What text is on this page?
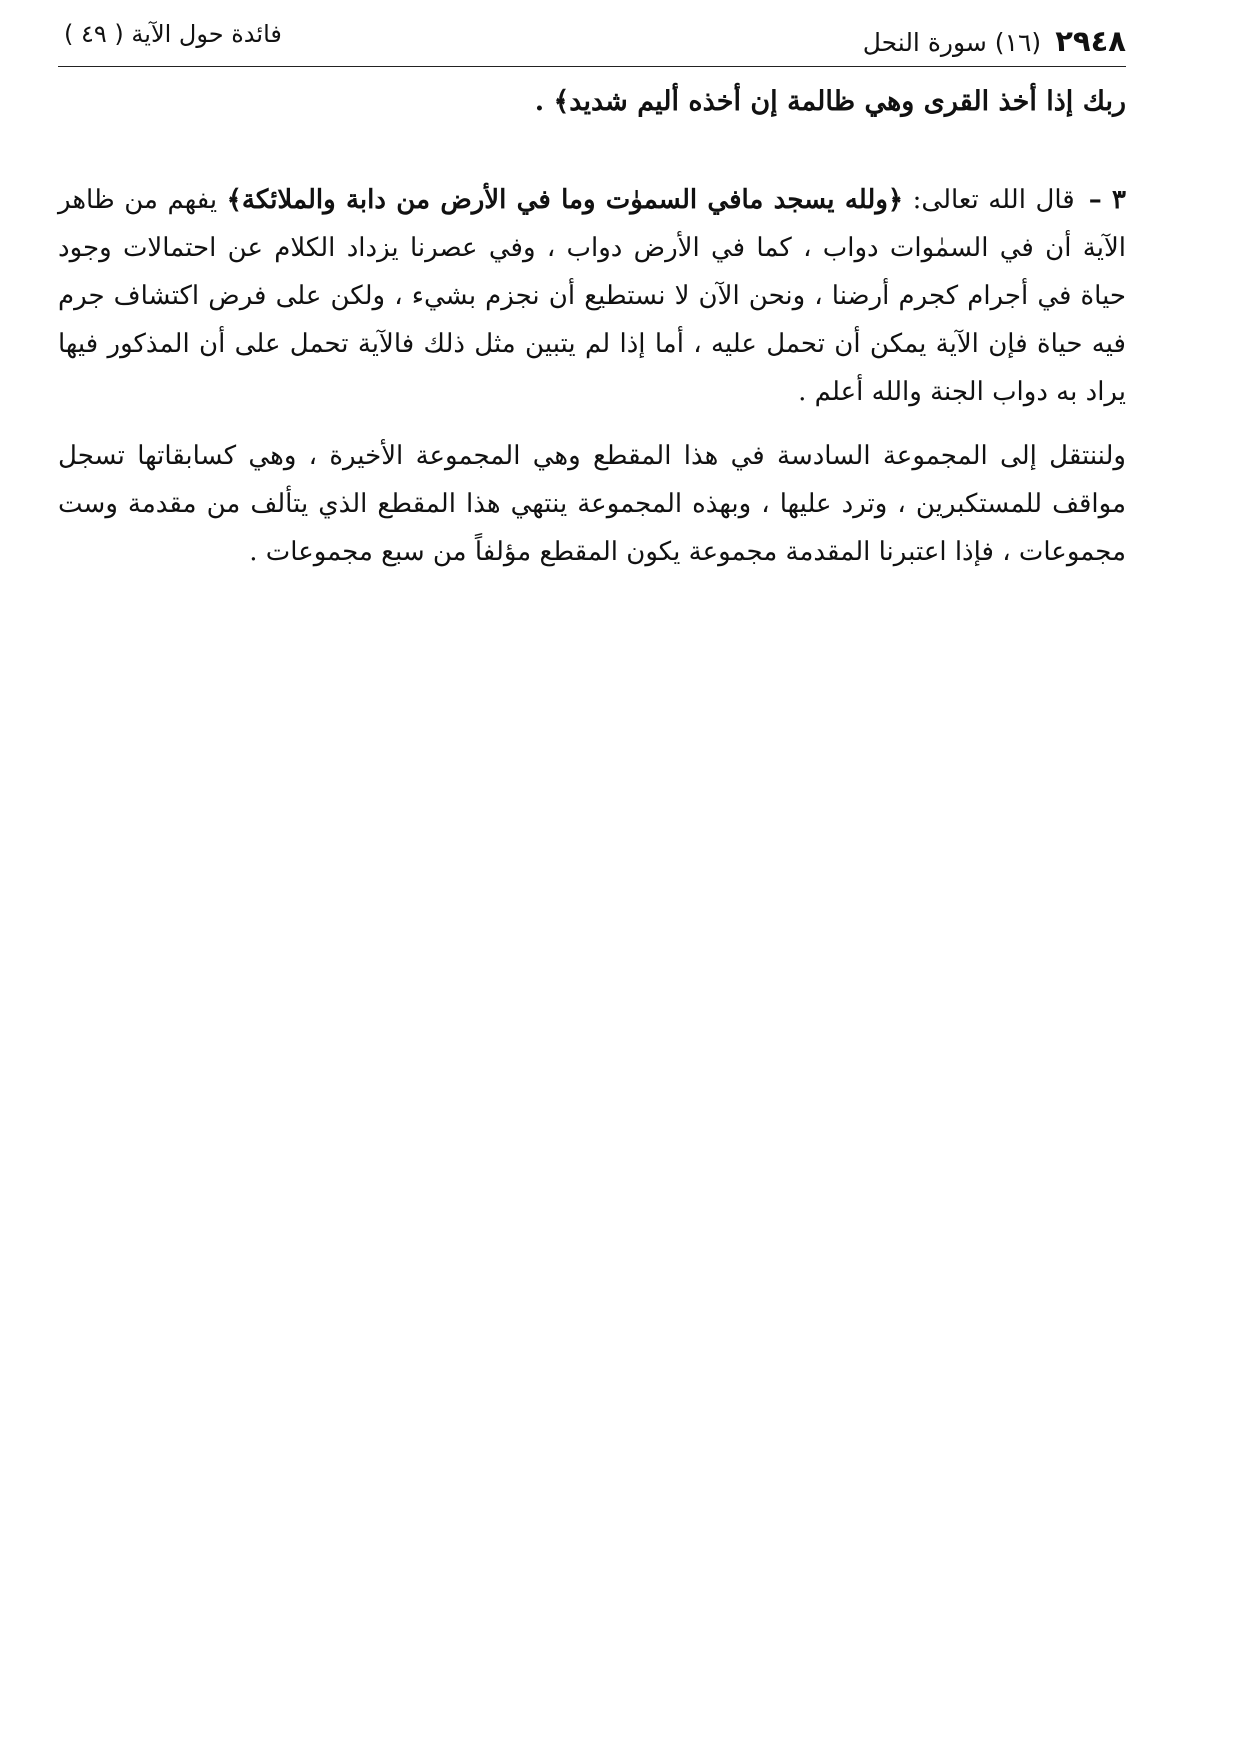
٢٩٤٨
(١٦) سورة النحل
فائدة حول الآية ( ٤٩ )

ربك إذا أخذ القرى وهي ظالمة إن أخذه أليم شديد﴾ .

٣ –قال الله تعالى: ﴿ولله يسجد مافي السموٰت وما في الأرض من دابة والملائكة﴾ يفهم من ظاهر الآية أن في السمٰوات دواب ، كما في الأرض دواب ، وفي عصرنا يزداد الكلام عن احتمالات وجود حياة في أجرام كجرم أرضنا ، ونحن الآن لا نستطيع أن نجزم بشيء ، ولكن على فرض اكتشاف جرم فيه حياة فإن الآية يمكن أن تحمل عليه ، أما إذا لم يتبين مثل ذلك فالآية تحمل على أن المذكور فيها يراد به دواب الجنة والله أعلم .

ولننتقل إلى المجموعة السادسة في هذا المقطع وهي المجموعة الأخيرة ، وهي كسابقاتها تسجل مواقف للمستكبرين ، وترد عليها ، وبهذه المجموعة ينتهي هذا المقطع الذي يتألف من مقدمة وست مجموعات ، فإذا اعتبرنا المقدمة مجموعة يكون المقطع مؤلفاً من سبع مجموعات .
